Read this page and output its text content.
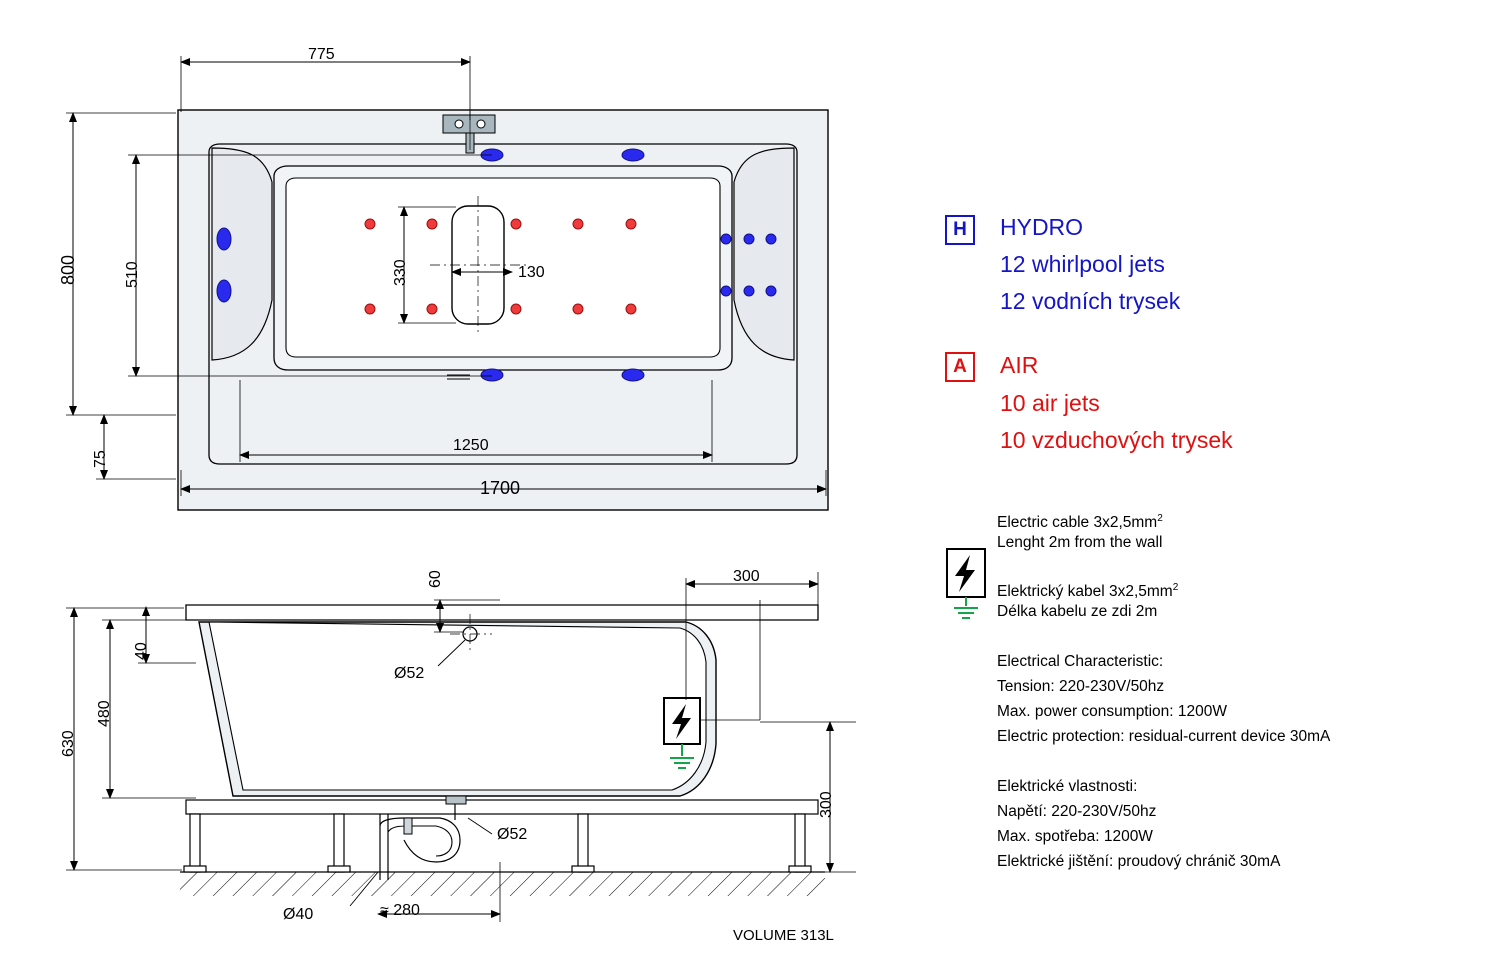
775
1250
1700
800	510
75
330	130
630
480
40
60	300
300
Ø52
Ø52
Ø40	≈ 280
VOLUME 313L
H	HYDRO
12 whirlpool jets
12 vodních trysek
A	AIR
10 air jets
10 vzduchových trysek
Electric cable $3x2,5mm^2$
Lenght 2m from the wall
Elektrický kabel $3x2,5mm^2$
Délka kabelu ze zdi 2m
Electrical Characteristic:
Tension: 220-230V/50hz
Max. power consumption: 1200W
Electric protection: residual-current device 30mA
Elektrické vlastnosti:
Napětí: 220-230V/50hz
Max. spotřeba: 1200W
Elektrické jištění: proudový chránič 30mA
